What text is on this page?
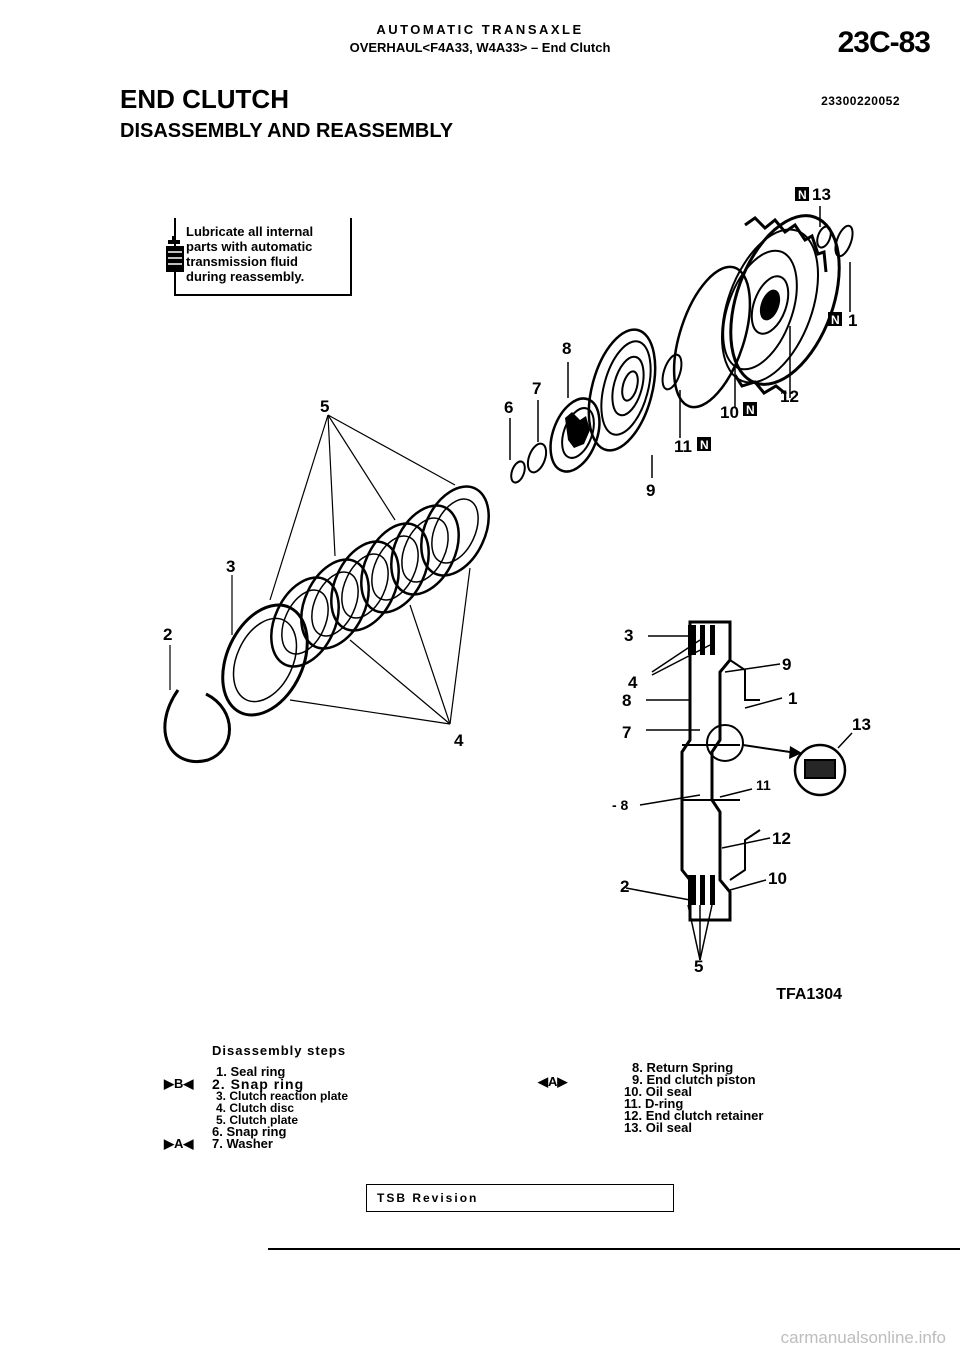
AUTOMATIC TRANSAXLE
OVERHAUL<F4A33, W4A33> – End Clutch	23C-83
END CLUTCH
DISASSEMBLY AND REASSEMBLY
23300220052
Lubricate all internal
parts with automatic
transmission fluid
during reassembly.
N
N
N
N
13
1
12
10
11
9
8
7
6
5
3
2
4
3
4
8
7
9
1
13
11
- 8
12
10
2
5
TFA1304
Disassembly steps
1. Seal ring
2. Snap ring
3. Clutch reaction plate
4. Clutch disc
5. Clutch plate
6. Snap ring
7. Washer
▶B◀
▶A◀
◀A▶
8. Return Spring
9. End clutch piston
10. Oil seal
11. D-ring
12. End clutch retainer
13. Oil seal
TSB Revision
carmanualsonline.info
